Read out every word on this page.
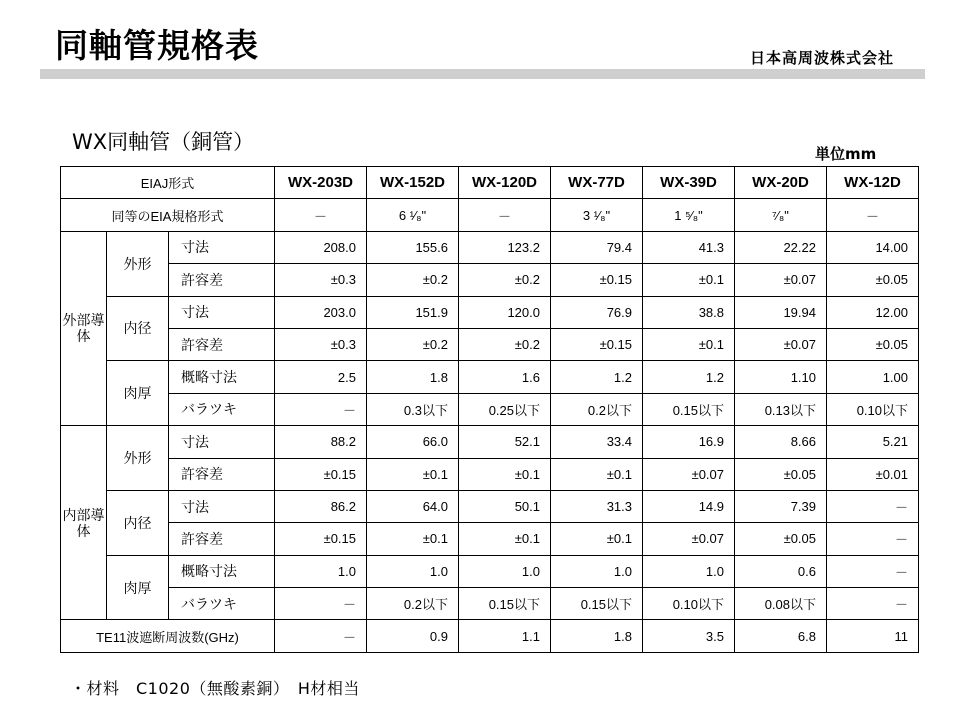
同軸管規格表	日本高周波株式会社
WX同軸管（銅管）	単位mm
EIAJ形式			WX-203D	WX-152D	WX-120D	WX-77D	WX-39D	WX-20D	WX-12D
同等のEIA規格形式			－	6 ¹⁄₈"	－	3 ¹⁄₈"	1 ⁵⁄₈"	⁷⁄₈"	－
外部導体	外形	寸法	208.0	155.6	123.2	79.4	41.3	22.22	14.00
		許容差	±0.3	±0.2	±0.2	±0.15	±0.1	±0.07	±0.05
	内径	寸法	203.0	151.9	120.0	76.9	38.8	19.94	12.00
		許容差	±0.3	±0.2	±0.2	±0.15	±0.1	±0.07	±0.05
	肉厚	概略寸法	2.5	1.8	1.6	1.2	1.2	1.10	1.00
		バラツキ	－	0.3以下	0.25以下	0.2以下	0.15以下	0.13以下	0.10以下
内部導体	外形	寸法	88.2	66.0	52.1	33.4	16.9	8.66	5.21
		許容差	±0.15	±0.1	±0.1	±0.1	±0.07	±0.05	±0.01
	内径	寸法	86.2	64.0	50.1	31.3	14.9	7.39	－
		許容差	±0.15	±0.1	±0.1	±0.1	±0.07	±0.05	－
	肉厚	概略寸法	1.0	1.0	1.0	1.0	1.0	0.6	－
		バラツキ	－	0.2以下	0.15以下	0.15以下	0.10以下	0.08以下	－
TE11波遮断周波数(GHz)			－	0.9	1.1	1.8	3.5	6.8	11
・材料　C1020（無酸素銅）　H材相当
